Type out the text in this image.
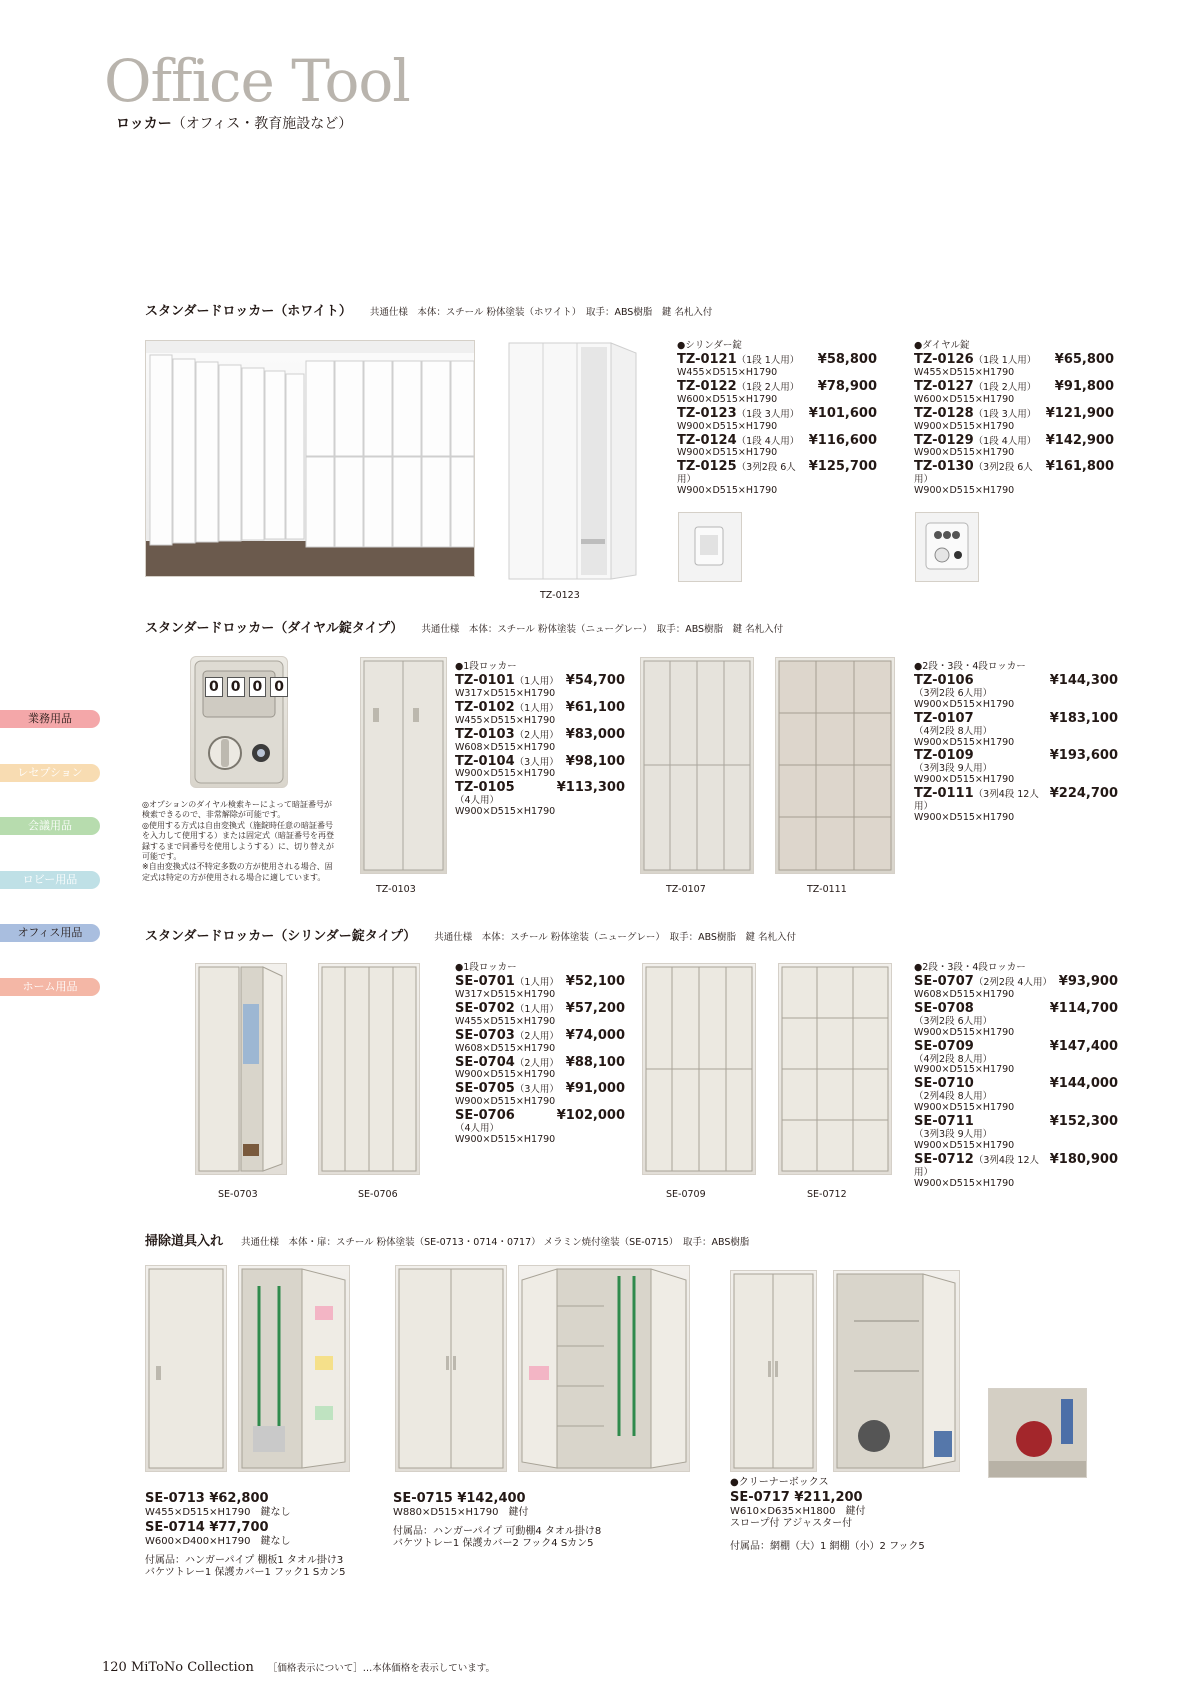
Office Tool
ロッカー（オフィス・教育施設など）
業務用品
レセプション
会議用品
ロビー用品
オフィス用品
ホーム用品
スタンダードロッカー（ホワイト） 共通仕様　本体：スチール 粉体塗装（ホワイト）　取手：ABS樹脂　鍵 名札入付
TZ-0123
●シリンダー錠
TZ-0121（1段 1人用） ¥58,800
W455×D515×H1790
TZ-0122（1段 2人用） ¥78,900
W600×D515×H1790
TZ-0123（1段 3人用） ¥101,600
W900×D515×H1790
TZ-0124（1段 4人用） ¥116,600
W900×D515×H1790
TZ-0125（3列2段 6人用）
¥125,700
W900×D515×H1790
●ダイヤル錠
TZ-0126（1段 1人用） ¥65,800
W455×D515×H1790
TZ-0127（1段 2人用） ¥91,800
W600×D515×H1790
TZ-0128（1段 3人用） ¥121,900
W900×D515×H1790
TZ-0129（1段 4人用） ¥142,900
W900×D515×H1790
TZ-0130（3列2段 6人用）
¥161,800
W900×D515×H1790
スタンダードロッカー（ダイヤル錠タイプ） 共通仕様　本体：スチール 粉体塗装（ニューグレー）　取手：ABS樹脂　鍵 名札入付
0 0 0 0
◎オプションのダイヤル検索キーによって暗証番号が検索できるので、非常解除が可能です。
◎使用する方式は自由変換式（施錠時任意の暗証番号を入力して使用する）または固定式（暗証番号を再登録するまで同番号を使用しようする）に、切り替えが可能です。
※自由変換式は不特定多数の方が使用される場合、固定式は特定の方が使用される場合に適しています。
TZ-0103
●1段ロッカー
TZ-0101（1人用） ¥54,700
W317×D515×H1790
TZ-0102（1人用） ¥61,100
W455×D515×H1790
TZ-0103（2人用） ¥83,000
W608×D515×H1790
TZ-0104（3人用） ¥98,100
W900×D515×H1790
TZ-0105（4人用）
¥113,300
W900×D515×H1790
TZ-0107	TZ-0111
●2段・3段・4段ロッカー
TZ-0106（3列2段 6人用）
¥144,300
W900×D515×H1790
TZ-0107（4列2段 8人用）
¥183,100
W900×D515×H1790
TZ-0109（3列3段 9人用）
¥193,600
W900×D515×H1790
TZ-0111（3列4段 12人用）
¥224,700
W900×D515×H1790
スタンダードロッカー（シリンダー錠タイプ） 共通仕様　本体：スチール 粉体塗装（ニューグレー）　取手：ABS樹脂　鍵 名札入付
SE-0703	SE-0706
●1段ロッカー
SE-0701（1人用） ¥52,100
W317×D515×H1790
SE-0702（1人用） ¥57,200
W455×D515×H1790
SE-0703（2人用） ¥74,000
W608×D515×H1790
SE-0704（2人用） ¥88,100
W900×D515×H1790
SE-0705（3人用） ¥91,000
W900×D515×H1790
SE-0706（4人用）
¥102,000
W900×D515×H1790
SE-0709	SE-0712
●2段・3段・4段ロッカー
SE-0707（2列2段 4人用） ¥93,900
W608×D515×H1790
SE-0708（3列2段 6人用）
¥114,700
W900×D515×H1790
SE-0709（4列2段 8人用）
¥147,400
W900×D515×H1790
SE-0710（2列4段 8人用）
¥144,000
W900×D515×H1790
SE-0711（3列3段 9人用）
¥152,300
W900×D515×H1790
SE-0712（3列4段 12人用）
¥180,900
W900×D515×H1790
掃除道具入れ 共通仕様　本体・扉：スチール 粉体塗装（SE-0713・0714・0717） メラミン焼付塗装（SE-0715）　取手：ABS樹脂
SE-0713 ¥62,800
W455×D515×H1790　鍵なし
SE-0714 ¥77,700
W600×D400×H1790　鍵なし
付属品：ハンガーパイプ 棚板1 タオル掛け3
バケツトレー1 保護カバー1 フック1 Sカン5
SE-0715 ¥142,400
W880×D515×H1790　鍵付
付属品：ハンガーパイプ 可動棚4 タオル掛け8
バケツトレー1 保護カバー2 フック4 Sカン5
●クリーナーボックス
SE-0717 ¥211,200
W610×D635×H1800　鍵付
スロープ付 アジャスター付
付属品：網棚（大）1 網棚（小）2 フック5
120 MiToNo Collection ［価格表示について］…本体価格を表示しています。
